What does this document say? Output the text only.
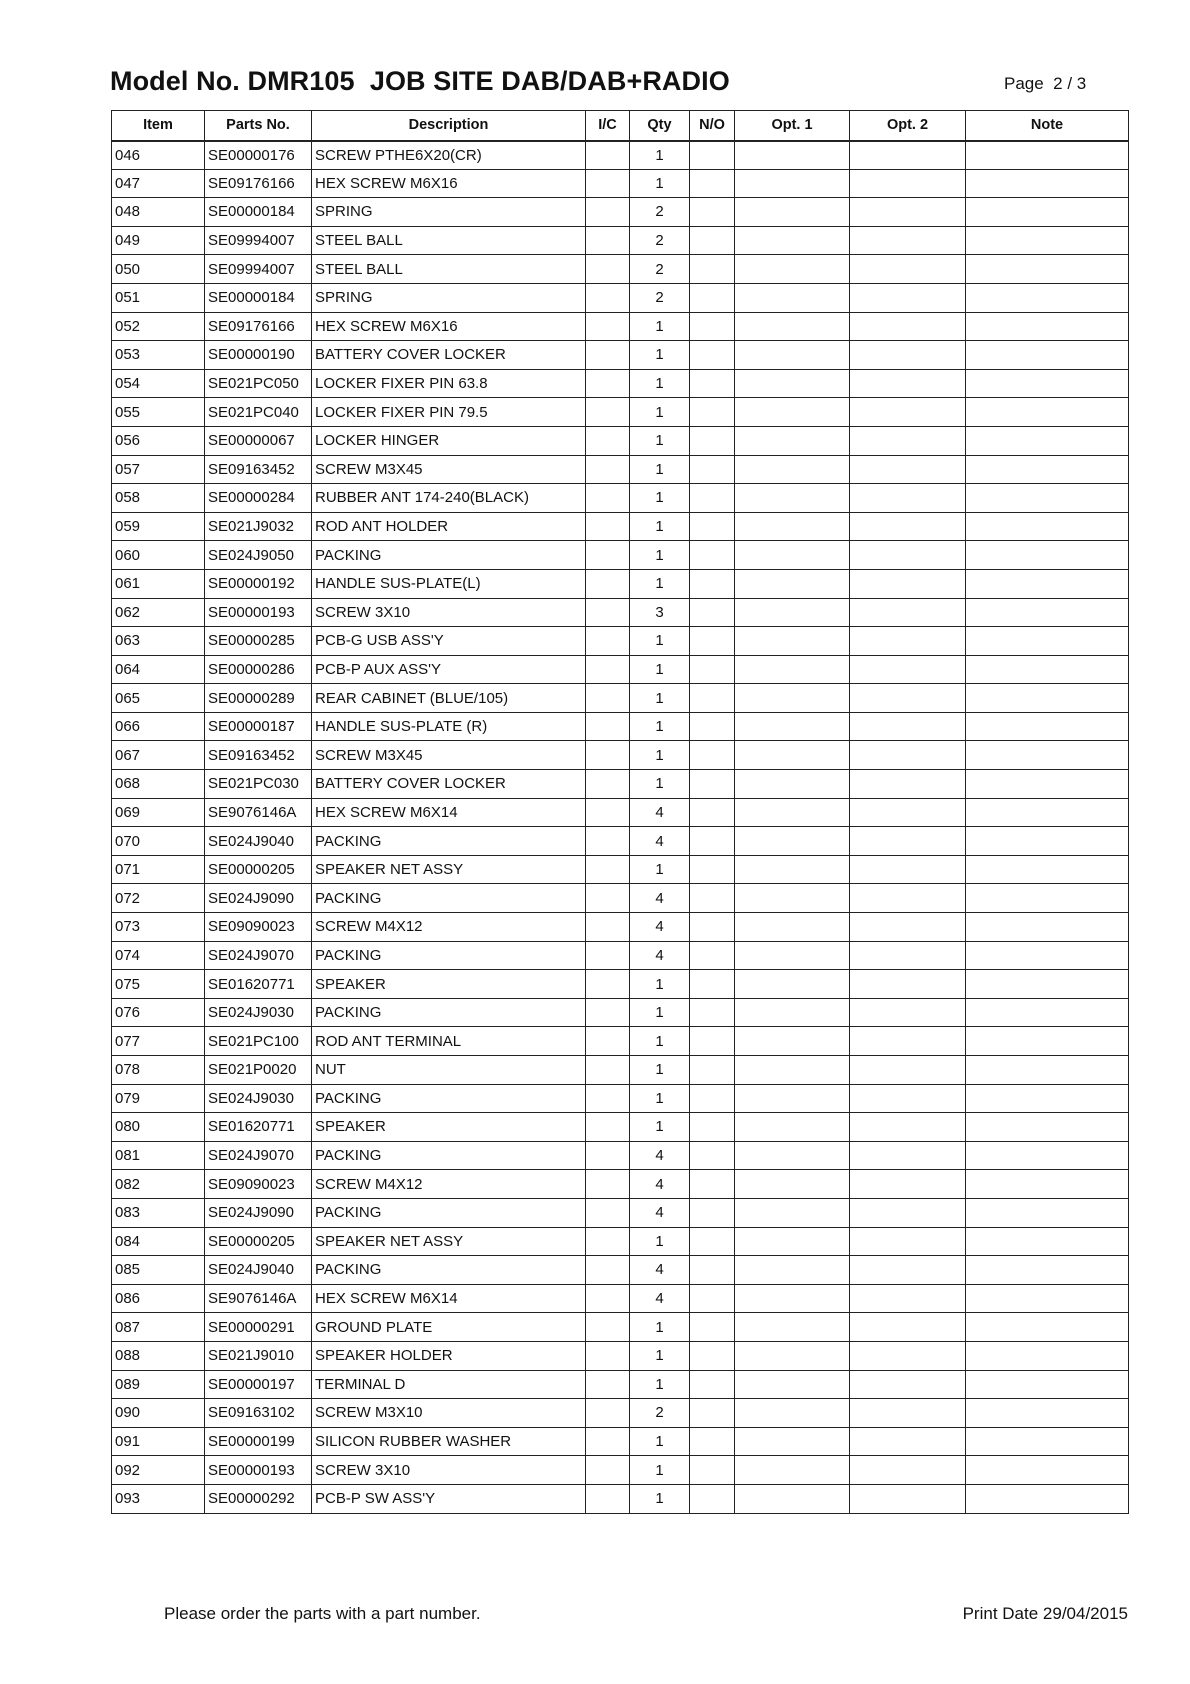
Model No. DMR105  JOB SITE DAB/DAB+RADIO	Page  2 / 3
Item	Parts No.	Description	I/C	Qty	N/O	Opt. 1	Opt. 2	Note
046	SE00000176	SCREW PTHE6X20(CR)		1				
047	SE09176166	HEX SCREW M6X16		1				
048	SE00000184	SPRING		2				
049	SE09994007	STEEL BALL		2				
050	SE09994007	STEEL BALL		2				
051	SE00000184	SPRING		2				
052	SE09176166	HEX SCREW M6X16		1				
053	SE00000190	BATTERY COVER LOCKER		1				
054	SE021PC050	LOCKER FIXER PIN 63.8		1				
055	SE021PC040	LOCKER FIXER PIN 79.5		1				
056	SE00000067	LOCKER HINGER		1				
057	SE09163452	SCREW M3X45		1				
058	SE00000284	RUBBER ANT 174-240(BLACK)		1				
059	SE021J9032	ROD ANT HOLDER		1				
060	SE024J9050	PACKING		1				
061	SE00000192	HANDLE SUS-PLATE(L)		1				
062	SE00000193	SCREW 3X10		3				
063	SE00000285	PCB-G USB ASS'Y		1				
064	SE00000286	PCB-P AUX ASS'Y		1				
065	SE00000289	REAR CABINET (BLUE/105)		1				
066	SE00000187	HANDLE SUS-PLATE (R)		1				
067	SE09163452	SCREW M3X45		1				
068	SE021PC030	BATTERY COVER LOCKER		1				
069	SE9076146A	HEX SCREW M6X14		4				
070	SE024J9040	PACKING		4				
071	SE00000205	SPEAKER NET ASSY		1				
072	SE024J9090	PACKING		4				
073	SE09090023	SCREW M4X12		4				
074	SE024J9070	PACKING		4				
075	SE01620771	SPEAKER		1				
076	SE024J9030	PACKING		1				
077	SE021PC100	ROD ANT TERMINAL		1				
078	SE021P0020	NUT		1				
079	SE024J9030	PACKING		1				
080	SE01620771	SPEAKER		1				
081	SE024J9070	PACKING		4				
082	SE09090023	SCREW M4X12		4				
083	SE024J9090	PACKING		4				
084	SE00000205	SPEAKER NET ASSY		1				
085	SE024J9040	PACKING		4				
086	SE9076146A	HEX SCREW M6X14		4				
087	SE00000291	GROUND PLATE		1				
088	SE021J9010	SPEAKER HOLDER		1				
089	SE00000197	TERMINAL D		1				
090	SE09163102	SCREW M3X10		2				
091	SE00000199	SILICON RUBBER WASHER		1				
092	SE00000193	SCREW 3X10		1				
093	SE00000292	PCB-P SW ASS'Y		1				
Please order the parts with a part number.	Print Date 29/04/2015
